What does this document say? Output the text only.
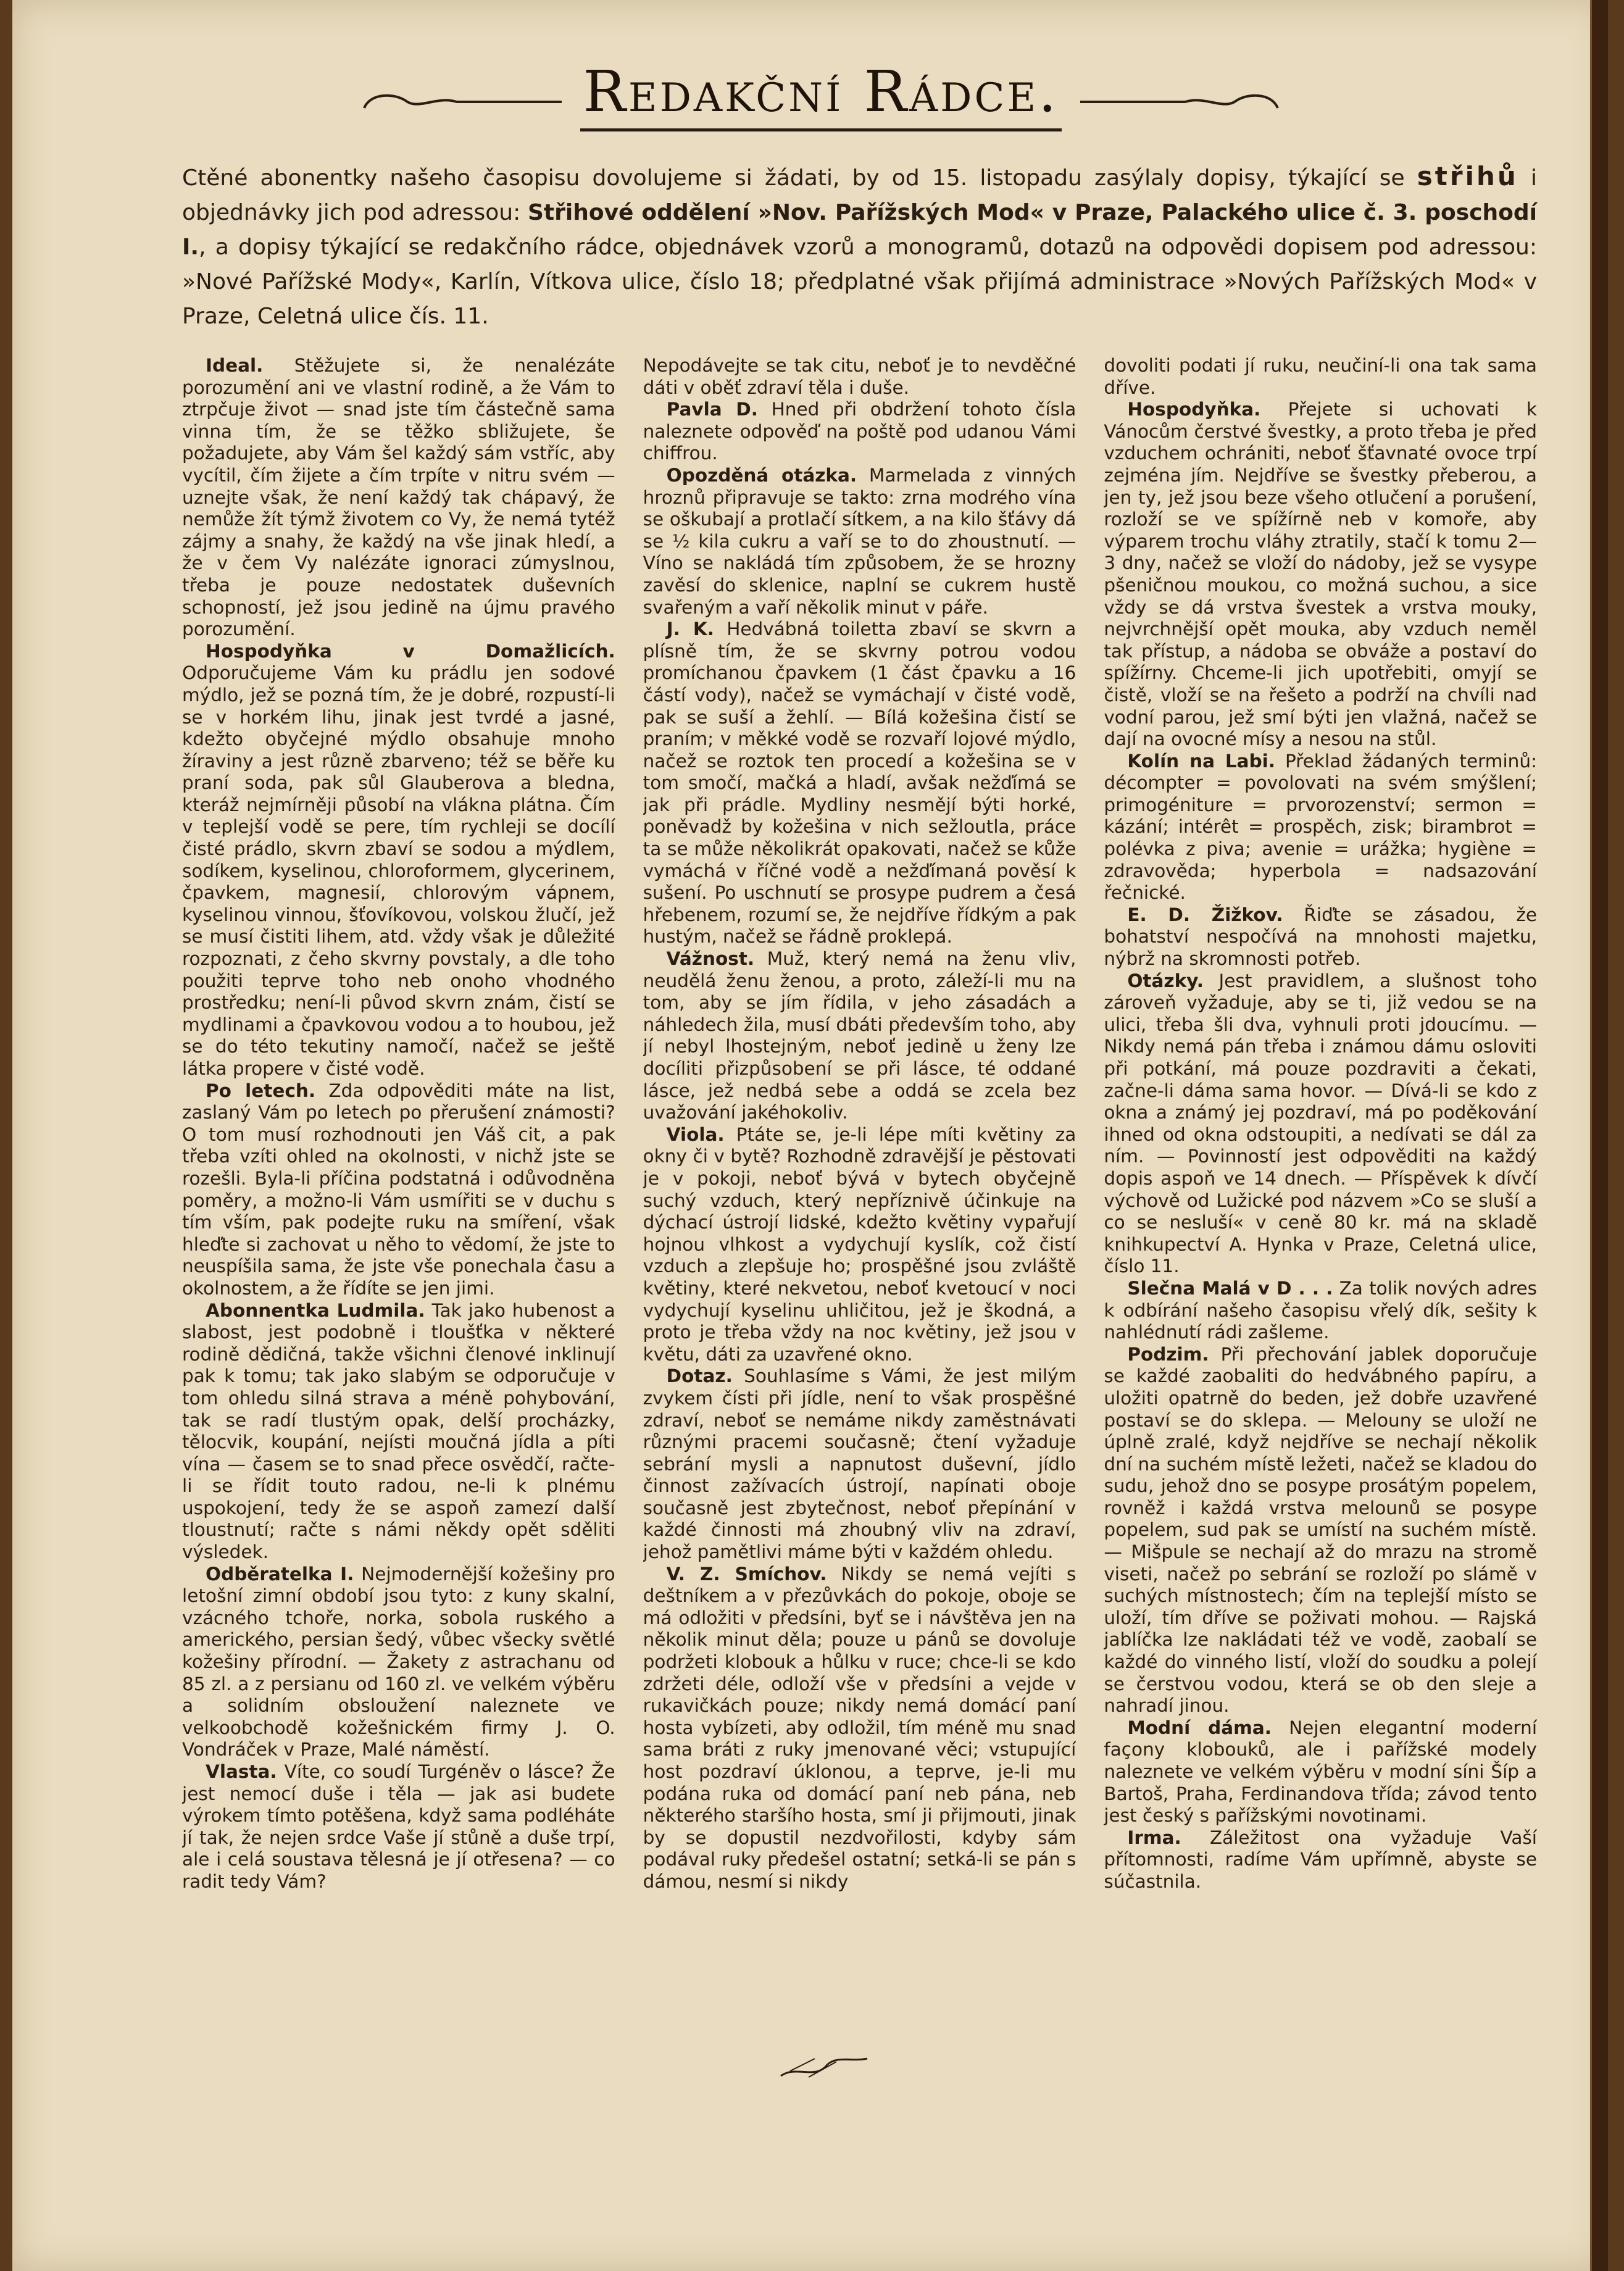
Redakční Rádce.
Ctěné abonentky našeho časopisu dovolujeme si žádati, by od 15. listopadu zasýlaly dopisy, týkající se střihů i objednávky jich pod adressou: Střihové oddělení »Nov. Pařížských Mod« v Praze, Palackého ulice č. 3. poschodí I., a dopisy týkající se redakčního rádce, objednávek vzorů a monogramů, dotazů na odpovědi dopisem pod adressou: »Nové Pařížské Mody«, Karlín, Vítkova ulice, číslo 18; předplatné však přijímá administrace »Nových Pařížských Mod« v Praze, Celetná ulice čís. 11.

Ideal. Stěžujete si, že nenalézáte porozumění ani ve vlastní rodině, a že Vám to ztrpčuje život — snad jste tím částečně sama vinna tím, že se těžko sbližujete, še požadujete, aby Vám šel každý sám vstříc, aby vycítil, čím žijete a čím trpíte v nitru svém — uznejte však, že není každý tak chápavý, že nemůže žít týmž životem co Vy, že nemá tytéž zájmy a snahy, že každý na vše jinak hledí, a že v čem Vy nalézáte ignoraci zúmyslnou, třeba je pouze nedostatek duševních schopností, jež jsou jedině na újmu pravého porozumění.

Hospodyňka v Domažlicích. Odporučujeme Vám ku prádlu jen sodové mýdlo, jež se pozná tím, že je dobré, rozpustí-li se v horkém lihu, jinak jest tvrdé a jasné, kdežto obyčejné mýdlo obsahuje mnoho žíraviny a jest různě zbarveno; též se běře ku praní soda, pak sůl Glauberova a bledna, kteráž nejmírněji působí na vlákna plátna. Čím v teplejší vodě se pere, tím rychleji se docílí čisté prádlo, skvrn zbaví se sodou a mýdlem, sodíkem, kyselinou, chloroformem, glycerinem, čpavkem, magnesií, chlorovým vápnem, kyselinou vinnou, šťovíkovou, volskou žlučí, jež se musí čistiti lihem, atd. vždy však je důležité rozpoznati, z čeho skvrny povstaly, a dle toho použiti teprve toho neb onoho vhodného prostředku; není-li původ skvrn znám, čistí se mydlinami a čpavkovou vodou a to houbou, jež se do této tekutiny namočí, načež se ještě látka propere v čisté vodě.

Po letech. Zda odpověditi máte na list, zaslaný Vám po letech po přerušení známosti? O tom musí rozhodnouti jen Váš cit, a pak třeba vzíti ohled na okolnosti, v nichž jste se rozešli. Byla-li příčina podstatná i odůvodněna poměry, a možno-li Vám usmířiti se v duchu s tím vším, pak podejte ruku na smíření, však hleďte si zachovat u něho to vědomí, že jste to neuspíšila sama, že jste vše ponechala času a okolnostem, a že řídíte se jen jimi.

Abonnentka Ludmila. Tak jako hubenost a slabost, jest podobně i tloušťka v některé rodině dědičná, takže všichni členové inklinují pak k tomu; tak jako slabým se odporučuje v tom ohledu silná strava a méně pohybování, tak se radí tlustým opak, delší procházky, tělocvik, koupání, nejísti moučná jídla a píti vína — časem se to snad přece osvědčí, račte-li se řídit touto radou, ne-li k plnému uspokojení, tedy že se aspoň zamezí další tloustnutí; račte s námi někdy opět sděliti výsledek.

Odběratelka I. Nejmodernější kožešiny pro letošní zimní období jsou tyto: z kuny skalní, vzácného tchoře, norka, sobola ruského a amerického, persian šedý, vůbec všecky světlé kožešiny přírodní. — Žakety z astrachanu od 85 zl. a z persianu od 160 zl. ve velkém výběru a solidním obsloužení naleznete ve velkoobchodě kožešnickém firmy J. O. Vondráček v Praze, Malé náměstí.

Vlasta. Víte, co soudí Turgéněv o lásce? Že jest nemocí duše i těla — jak asi budete výrokem tímto potěšena, když sama podléháte jí tak, že nejen srdce Vaše jí stůně a duše trpí, ale i celá soustava tělesná je jí otřesena? — co radit tedy Vám?

Nepodávejte se tak citu, neboť je to nevděčné dáti v oběť zdraví těla i duše.

Pavla D. Hned při obdržení tohoto čísla naleznete odpověď na poště pod udanou Vámi chiffrou.

Opozděná otázka. Marmelada z vinných hroznů připravuje se takto: zrna modrého vína se oškubají a protlačí sítkem, a na kilo šťávy dá se ½ kila cukru a vaří se to do zhoustnutí. — Víno se nakládá tím způsobem, že se hrozny zavěsí do sklenice, naplní se cukrem hustě svařeným a vaří několik minut v páře.

J. K. Hedvábná toiletta zbaví se skvrn a plísně tím, že se skvrny potrou vodou promíchanou čpavkem (1 část čpavku a 16 částí vody), načež se vymáchají v čisté vodě, pak se suší a žehlí. — Bílá kožešina čistí se praním; v měkké vodě se rozvaří lojové mýdlo, načež se roztok ten procedí a kožešina se v tom smočí, mačká a hladí, avšak nežďímá se jak při prádle. Mydliny nesmějí býti horké, poněvadž by kožešina v nich sežloutla, práce ta se může několikrát opakovati, načež se kůže vymáchá v říčné vodě a nežďímaná pověsí k sušení. Po uschnutí se prosype pudrem a česá hřebenem, rozumí se, že nejdříve řídkým a pak hustým, načež se řádně proklepá.

Vážnost. Muž, který nemá na ženu vliv, neudělá ženu ženou, a proto, záleží-li mu na tom, aby se jím řídila, v jeho zásadách a náhledech žila, musí dbáti především toho, aby jí nebyl lhostejným, neboť jedině u ženy lze docíliti přizpůsobení se při lásce, té oddané lásce, jež nedbá sebe a oddá se zcela bez uvažování jakéhokoliv.

Viola. Ptáte se, je-li lépe míti květiny za okny či v bytě? Rozhodně zdravější je pěstovati je v pokoji, neboť bývá v bytech obyčejně suchý vzduch, který nepříznivě účinkuje na dýchací ústrojí lidské, kdežto květiny vypařují hojnou vlhkost a vydychují kyslík, což čistí vzduch a zlepšuje ho; prospěšné jsou zvláště květiny, které nekvetou, neboť kvetoucí v noci vydychují kyselinu uhličitou, jež je škodná, a proto je třeba vždy na noc květiny, jež jsou v květu, dáti za uzavřené okno.

Dotaz. Souhlasíme s Vámi, že jest milým zvykem čísti při jídle, není to však prospěšné zdraví, neboť se nemáme nikdy zaměstnávati různými pracemi současně; čtení vyžaduje sebrání mysli a napnutost duševní, jídlo činnost zažívacích ústrojí, napínati oboje současně jest zbytečnost, neboť přepínání v každé činnosti má zhoubný vliv na zdraví, jehož pamětlivi máme býti v každém ohledu.

V. Z. Smíchov. Nikdy se nemá vejíti s deštníkem a v přezůvkách do pokoje, oboje se má odložiti v předsíni, byť se i návštěva jen na několik minut děla; pouze u pánů se dovoluje podržeti klobouk a hůlku v ruce; chce-li se kdo zdržeti déle, odloží vše v předsíni a vejde v rukavičkách pouze; nikdy nemá domácí paní hosta vybízeti, aby odložil, tím méně mu snad sama bráti z ruky jmenované věci; vstupující host pozdraví úklonou, a teprve, je-li mu podána ruka od domácí paní neb pána, neb některého staršího hosta, smí ji přijmouti, jinak by se dopustil nezdvořilosti, kdyby sám podával ruky předešel ostatní; setká-li se pán s dámou, nesmí si nikdy

dovoliti podati jí ruku, neučiní-li ona tak sama dříve.

Hospodyňka. Přejete si uchovati k Vánocům čerstvé švestky, a proto třeba je před vzduchem ochrániti, neboť šťavnaté ovoce trpí zejména jím. Nejdříve se švestky přeberou, a jen ty, jež jsou beze všeho otlučení a porušení, rozloží se ve spížírně neb v komoře, aby výparem trochu vláhy ztratily, stačí k tomu 2—3 dny, načež se vloží do nádoby, jež se vysype pšeničnou moukou, co možná suchou, a sice vždy se dá vrstva švestek a vrstva mouky, nejvrchnější opět mouka, aby vzduch neměl tak přístup, a nádoba se obváže a postaví do spížírny. Chceme-li jich upotřebiti, omyjí se čistě, vloží se na řešeto a podrží na chvíli nad vodní parou, jež smí býti jen vlažná, načež se dají na ovocné mísy a nesou na stůl.

Kolín na Labi. Překlad žádaných terminů: décompter = povolovati na svém smýšlení; primogéniture = prvorozenství; sermon = kázání; intérêt = prospěch, zisk; birambrot = polévka z piva; avenie = urážka; hygiène = zdravověda; hyperbola = nadsazování řečnické.

E. D. Žižkov. Řiďte se zásadou, že bohatství nespočívá na mnohosti majetku, nýbrž na skromnosti potřeb.

Otázky. Jest pravidlem, a slušnost toho zároveň vyžaduje, aby se ti, již vedou se na ulici, třeba šli dva, vyhnuli proti jdoucímu. — Nikdy nemá pán třeba i známou dámu osloviti při potkání, má pouze pozdraviti a čekati, začne-li dáma sama hovor. — Dívá-li se kdo z okna a známý jej pozdraví, má po poděkování ihned od okna odstoupiti, a nedívati se dál za ním. — Povinností jest odpověditi na každý dopis aspoň ve 14 dnech. — Příspěvek k dívčí výchově od Lužické pod názvem »Co se sluší a co se nesluší« v ceně 80 kr. má na skladě knihkupectví A. Hynka v Praze, Celetná ulice, číslo 11.

Slečna Malá v D . . . Za tolik nových adres k odbírání našeho časopisu vřelý dík, sešity k nahlédnutí rádi zašleme.

Podzim. Při přechování jablek doporučuje se každé zaobaliti do hedvábného papíru, a uložiti opatrně do beden, jež dobře uzavřené postaví se do sklepa. — Melouny se uloží ne úplně zralé, když nejdříve se nechají několik dní na suchém místě ležeti, načež se kladou do sudu, jehož dno se posype prosátým popelem, rovněž i každá vrstva melounů se posype popelem, sud pak se umístí na suchém místě. — Mišpule se nechají až do mrazu na stromě viseti, načež po sebrání se rozloží po slámě v suchých místnostech; čím na teplejší místo se uloží, tím dříve se poživati mohou. — Rajská jablíčka lze nakládati též ve vodě, zaobalí se každé do vinného listí, vloží do soudku a polejí se čerstvou vodou, která se ob den sleje a nahradí jinou.

Modní dáma. Nejen elegantní moderní façony klobouků, ale i pařížské modely naleznete ve velkém výběru v modní síni Šíp a Bartoš, Praha, Ferdinandova třída; závod tento jest český s pařížskými novotinami.

Irma. Záležitost ona vyžaduje Vaší přítomnosti, radíme Vám upřímně, abyste se súčastnila.
